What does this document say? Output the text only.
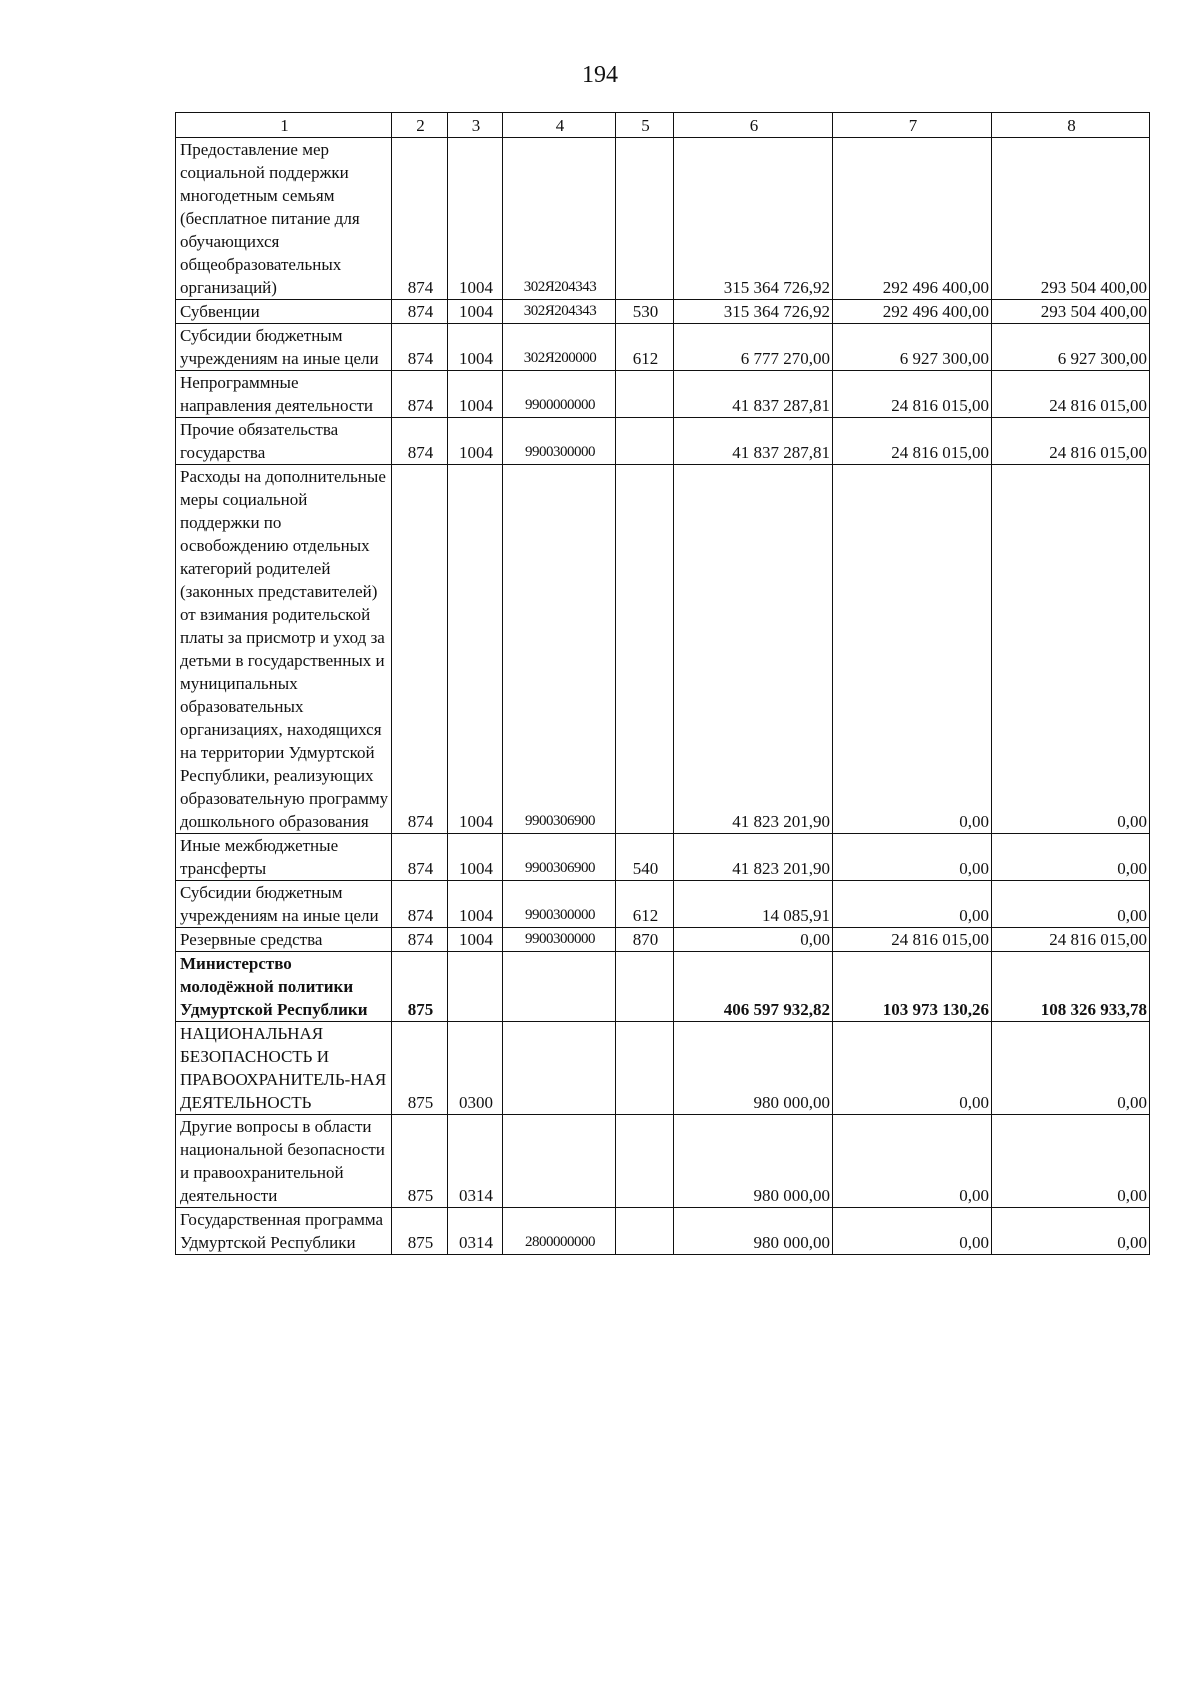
194
1	2	3	4	5	6	7	8
Предоставление мер социальной поддержки многодетным семьям (бесплатное питание для обучающихся общеобразовательных организаций)	874	1004	302Я204343		315 364 726,92	292 496 400,00	293 504 400,00
Субвенции	874	1004	302Я204343	530	315 364 726,92	292 496 400,00	293 504 400,00
Субсидии бюджетным учреждениям на иные цели	874	1004	302Я200000	612	6 777 270,00	6 927 300,00	6 927 300,00
Непрограммные направления деятельности	874	1004	9900000000		41 837 287,81	24 816 015,00	24 816 015,00
Прочие обязательства государства	874	1004	9900300000		41 837 287,81	24 816 015,00	24 816 015,00
Расходы на дополнительные меры социальной поддержки по освобождению отдельных категорий родителей (законных представителей) от взимания родительской платы за присмотр и уход за детьми в государственных и муниципальных образовательных организациях, находящихся на территории Удмуртской Республики, реализующих образовательную программу дошкольного образования	874	1004	9900306900		41 823 201,90	0,00	0,00
Иные межбюджетные трансферты	874	1004	9900306900	540	41 823 201,90	0,00	0,00
Субсидии бюджетным учреждениям на иные цели	874	1004	9900300000	612	14 085,91	0,00	0,00
Резервные средства	874	1004	9900300000	870	0,00	24 816 015,00	24 816 015,00
Министерство молодёжной политики Удмуртской Республики	875				406 597 932,82	103 973 130,26	108 326 933,78
НАЦИОНАЛЬНАЯ БЕЗОПАСНОСТЬ И ПРАВООХРАНИТЕЛЬ-НАЯ ДЕЯТЕЛЬНОСТЬ	875	0300			980 000,00	0,00	0,00
Другие вопросы в области национальной безопасности и правоохранительной деятельности	875	0314			980 000,00	0,00	0,00
Государственная программа Удмуртской Республики	875	0314	2800000000		980 000,00	0,00	0,00
